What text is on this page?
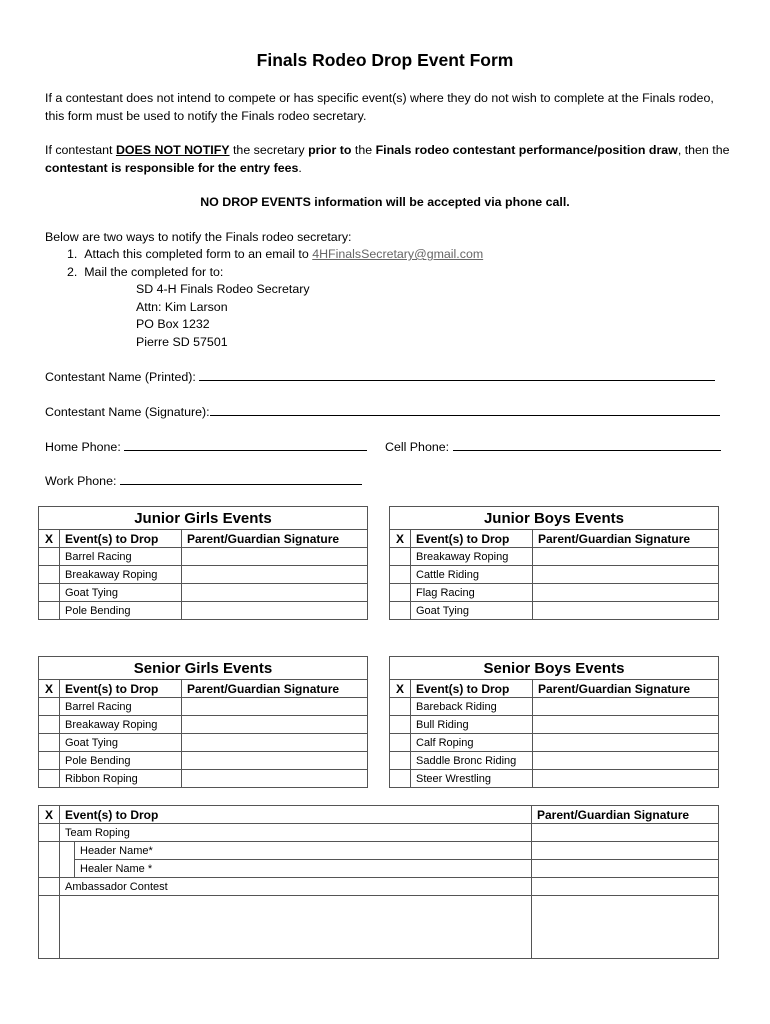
Finals Rodeo Drop Event Form
If a contestant does not intend to compete or has specific event(s) where they do not wish to complete at the Finals rodeo, this form must be used to notify the Finals rodeo secretary.
If contestant DOES NOT NOTIFY the secretary prior to the Finals rodeo contestant performance/position draw, then the contestant is responsible for the entry fees.
NO DROP EVENTS information will be accepted via phone call.
Below are two ways to notify the Finals rodeo secretary:
1. Attach this completed form to an email to 4HFinalsSecretary@gmail.com
2. Mail the completed for to:
SD 4-H Finals Rodeo Secretary
Attn: Kim Larson
PO Box 1232
Pierre SD 57501
Contestant Name (Printed):
Contestant Name (Signature):
Home Phone:	Cell Phone:
Work Phone:
Junior Girls Events		
X	Event(s) to Drop	Parent/Guardian Signature
	Barrel Racing	
	Breakaway Roping	
	Goat Tying	
	Pole Bending	
Junior Boys Events		
X	Event(s) to Drop	Parent/Guardian Signature
	Breakaway Roping	
	Cattle Riding	
	Flag Racing	
	Goat Tying	
Senior Girls Events		
X	Event(s) to Drop	Parent/Guardian Signature
	Barrel Racing	
	Breakaway Roping	
	Goat Tying	
	Pole Bending	
	Ribbon Roping	
Senior Boys Events		
X	Event(s) to Drop	Parent/Guardian Signature
	Bareback Riding	
	Bull Riding	
	Calf Roping	
	Saddle Bronc Riding	
	Steer Wrestling	
X	Event(s) to Drop		Parent/Guardian Signature
	Team Roping		
		Header Name*	
		Healer Name *	
	Ambassador Contest		
